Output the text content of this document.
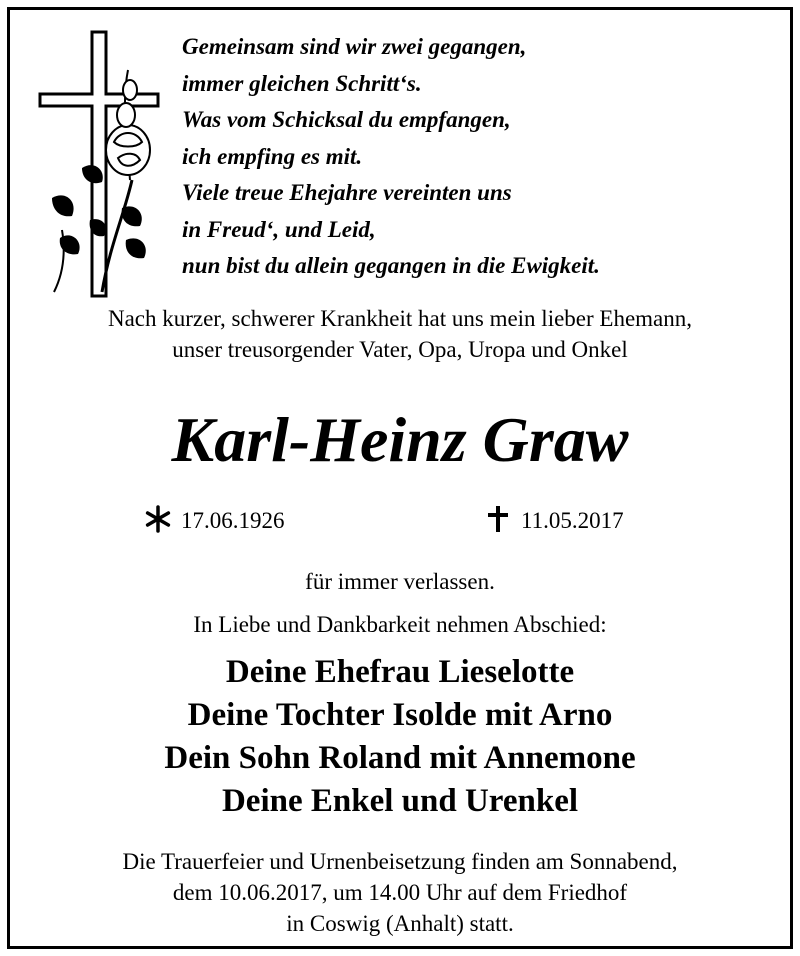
Gemeinsam sind wir zwei gegangen,
immer gleichen Schritt‘s.
Was vom Schicksal du empfangen,
ich empfing es mit.
Viele treue Ehejahre vereinten uns
in Freud‘, und Leid,
nun bist du allein gegangen in die Ewigkeit.
Nach kurzer, schwerer Krankheit hat uns mein lieber Ehemann,
unser treusorgender Vater, Opa, Uropa und Onkel
Karl-Heinz Graw
17.06.1926	11.05.2017
für immer verlassen.
In Liebe und Dankbarkeit nehmen Abschied:
Deine Ehefrau Lieselotte
Deine Tochter Isolde mit Arno
Dein Sohn Roland mit Annemone
Deine Enkel und Urenkel
Die Trauerfeier und Urnenbeisetzung finden am Sonnabend,
dem 10.06.2017, um 14.00 Uhr auf dem Friedhof
in Coswig (Anhalt) statt.
